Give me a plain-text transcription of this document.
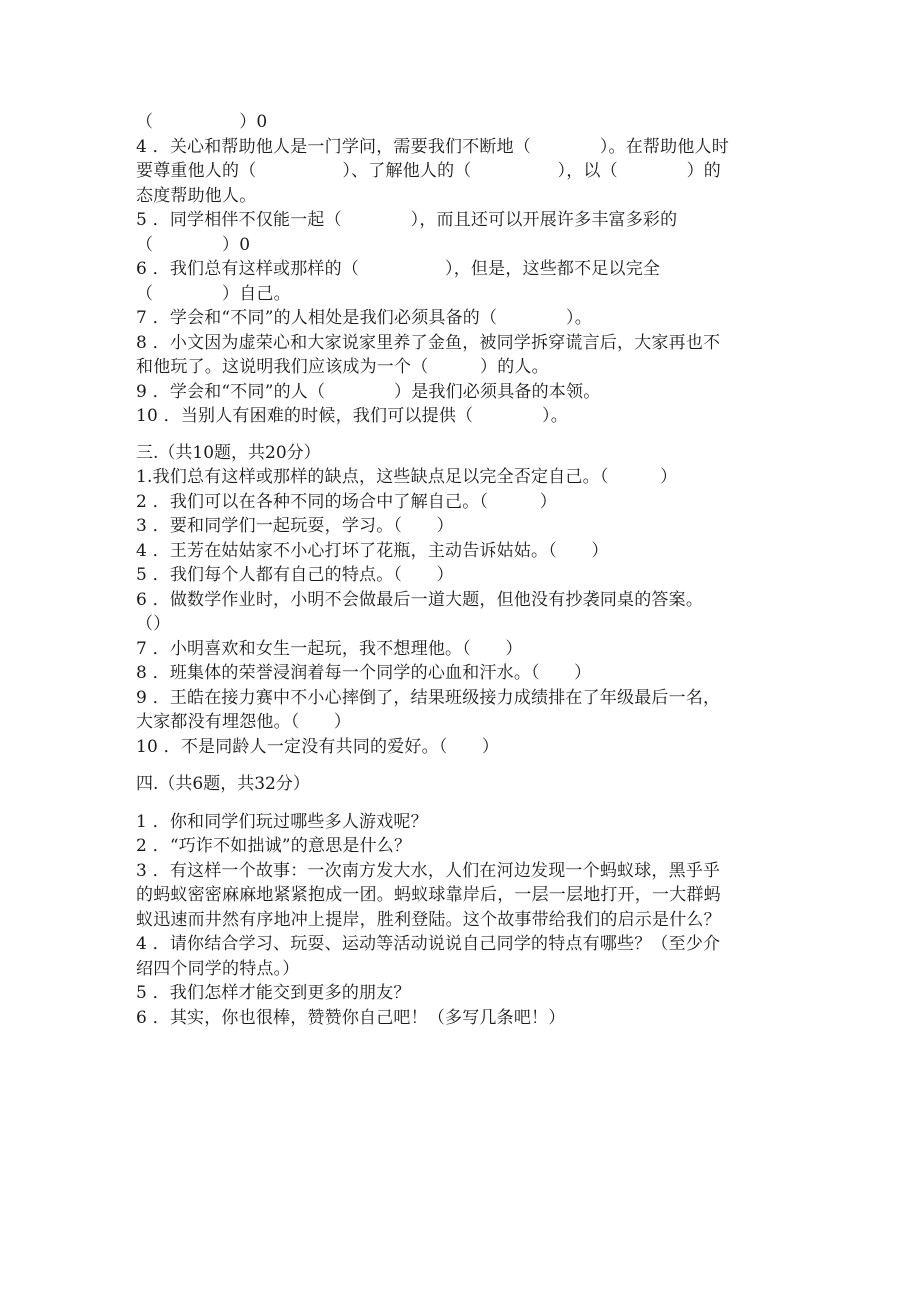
（　　　　　）0
4 ．关心和帮助他人是一门学问，需要我们不断地（　　　　）。在帮助他人时
要尊重他人的（　　　　　）、了解他人的（　　　　　），以（　　　　）的
态度帮助他人。
5 ．同学相伴不仅能一起（　　　　），而且还可以开展许多丰富多彩的
（　　　　）0
6 ．我们总有这样或那样的（　　　　　），但是，这些都不足以完全
（　　　　）自己。
7 ．学会和“不同”的人相处是我们必须具备的（　　　　）。
8 ．小文因为虚荣心和大家说家里养了金鱼，被同学拆穿谎言后，大家再也不
和他玩了。这说明我们应该成为一个（　　　）的人。
9 ．学会和“不同”的人（　　　　）是我们必须具备的本领。
10 ．当别人有困难的时候，我们可以提供（　　　　）。
三.（共10题，共20分）
1.我们总有这样或那样的缺点，这些缺点足以完全否定自己。（　　　）
2 ．我们可以在各种不同的场合中了解自己。（　　　）
3 ．要和同学们一起玩耍，学习。（　　）
4 ．王芳在姑姑家不小心打坏了花瓶，主动告诉姑姑。（　　）
5 ．我们每个人都有自己的特点。（　　）
6 ．做数学作业时，小明不会做最后一道大题，但他没有抄袭同桌的答案。
（）
7 ．小明喜欢和女生一起玩，我不想理他。（　　）
8 ．班集体的荣誉浸润着每一个同学的心血和汗水。（　　）
9 ．王皓在接力赛中不小心摔倒了，结果班级接力成绩排在了年级最后一名，
大家都没有埋怨他。（　　）
10 ．不是同龄人一定没有共同的爱好。（　　）
四.（共6题，共32分）
1 ．你和同学们玩过哪些多人游戏呢？
2 ．“巧诈不如拙诚”的意思是什么？
3 ．有这样一个故事：一次南方发大水，人们在河边发现一个蚂蚁球，黑乎乎
的蚂蚁密密麻麻地紧紧抱成一团。蚂蚁球靠岸后，一层一层地打开，一大群蚂
蚁迅速而井然有序地冲上提岸，胜利登陆。这个故事带给我们的启示是什么？
4 ．请你结合学习、玩耍、运动等活动说说自己同学的特点有哪些？（至少介
绍四个同学的特点。）
5 ．我们怎样才能交到更多的朋友？
6 ．其实，你也很棒，赞赞你自己吧！（多写几条吧！）
